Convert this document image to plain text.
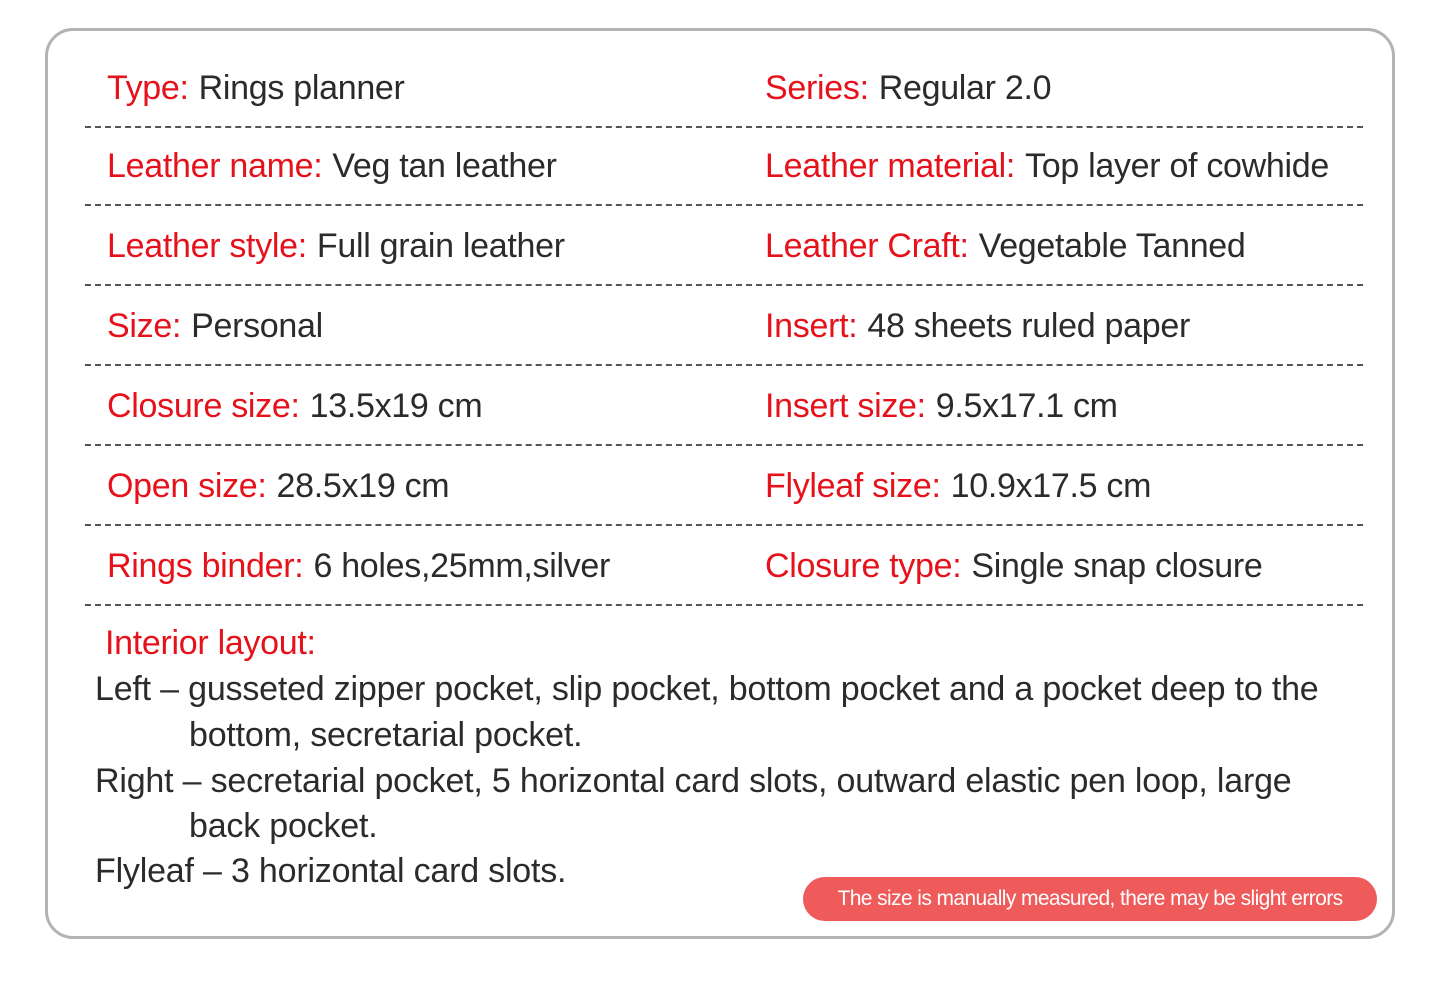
Type: Rings planner	Series: Regular 2.0
Leather name: Veg tan leather	Leather material: Top layer of cowhide
Leather style: Full grain leather	Leather Craft: Vegetable Tanned
Size: Personal	Insert: 48 sheets ruled paper
Closure size: 13.5x19 cm	Insert size: 9.5x17.1 cm
Open size: 28.5x19 cm	Flyleaf size: 10.9x17.5 cm
Rings binder: 6 holes,25mm,silver	Closure type: Single snap closure
Interior layout:
Left – gusseted zipper pocket, slip pocket, bottom pocket and a pocket deep to the
bottom, secretarial pocket.
Right – secretarial pocket, 5 horizontal card slots, outward elastic pen loop, large
back pocket.
Flyleaf – 3 horizontal card slots.
The size is manually measured, there may be slight errors
